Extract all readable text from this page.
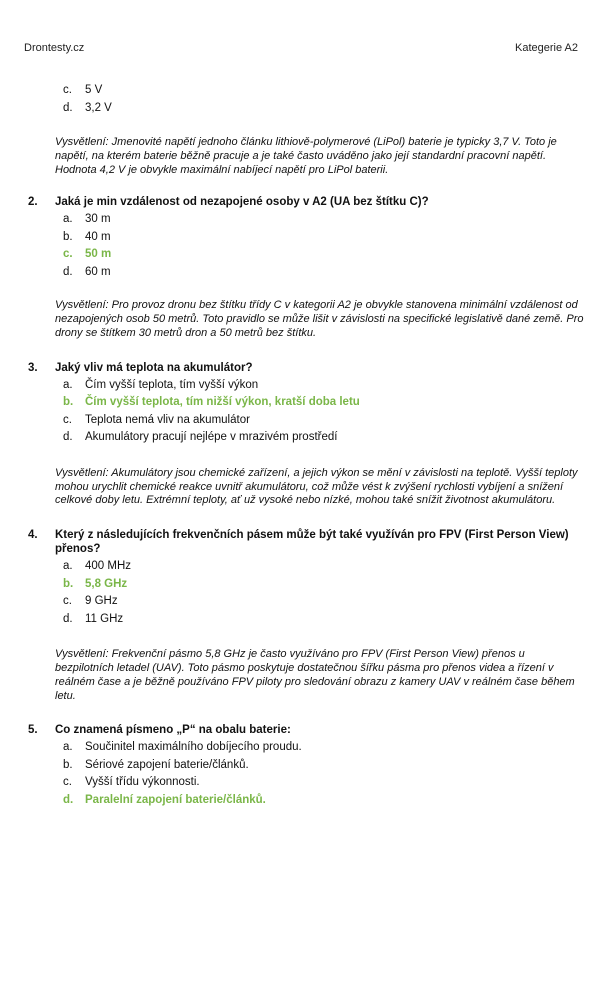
Drontesty.cz	Kategerie A2
c.	5 V
d.	3,2 V
Vysvětlení: Jmenovité napětí jednoho článku lithiově-polymerové (LiPol) baterie je typicky 3,7 V. Toto je napětí, na kterém baterie běžně pracuje a je také často uváděno jako její standardní pracovní napětí. Hodnota 4,2 V je obvykle maximální nabíjecí napětí pro LiPol baterii.
2.	Jaká je min vzdálenost od nezapojené osoby v A2 (UA bez štítku C)?
a.	30 m
b.	40 m
c.	50 m
d.	60 m
Vysvětlení: Pro provoz dronu bez štítku třídy C v kategorii A2 je obvykle stanovena minimální vzdálenost od nezapojených osob 50 metrů. Toto pravidlo se může lišit v závislosti na specifické legislativě dané země. Pro drony se štítkem 30 metrů dron a 50 metrů bez štítku.
3.	Jaký vliv má teplota na akumulátor?
a.	Čím vyšší teplota, tím vyšší výkon
b.	Čím vyšší teplota, tím nižší výkon, kratší doba letu
c.	Teplota nemá vliv na akumulátor
d.	Akumulátory pracují nejlépe v mrazivém prostředí
Vysvětlení: Akumulátory jsou chemické zařízení, a jejich výkon se mění v závislosti na teplotě. Vyšší teploty mohou urychlit chemické reakce uvnitř akumulátoru, což může vést k zvýšení rychlosti vybíjení a snížení celkové doby letu. Extrémní teploty, ať už vysoké nebo nízké, mohou také snížit životnost akumulátoru.
4.	Který z následujících frekvenčních pásem může být také využíván pro FPV (First Person View) přenos?
a.	400 MHz
b.	5,8 GHz
c.	9 GHz
d.	11 GHz
Vysvětlení: Frekvenční pásmo 5,8 GHz je často využíváno pro FPV (First Person View) přenos u bezpilotních letadel (UAV). Toto pásmo poskytuje dostatečnou šířku pásma pro přenos videa a řízení v reálném čase a je běžně používáno FPV piloty pro sledování obrazu z kamery UAV v reálném čase během letu.
5.	Co znamená písmeno „P“ na obalu baterie:
a.	Součinitel maximálního dobíjecího proudu.
b.	Sériové zapojení baterie/článků.
c.	Vyšší třídu výkonnosti.
d.	Paralelní zapojení baterie/článků.
